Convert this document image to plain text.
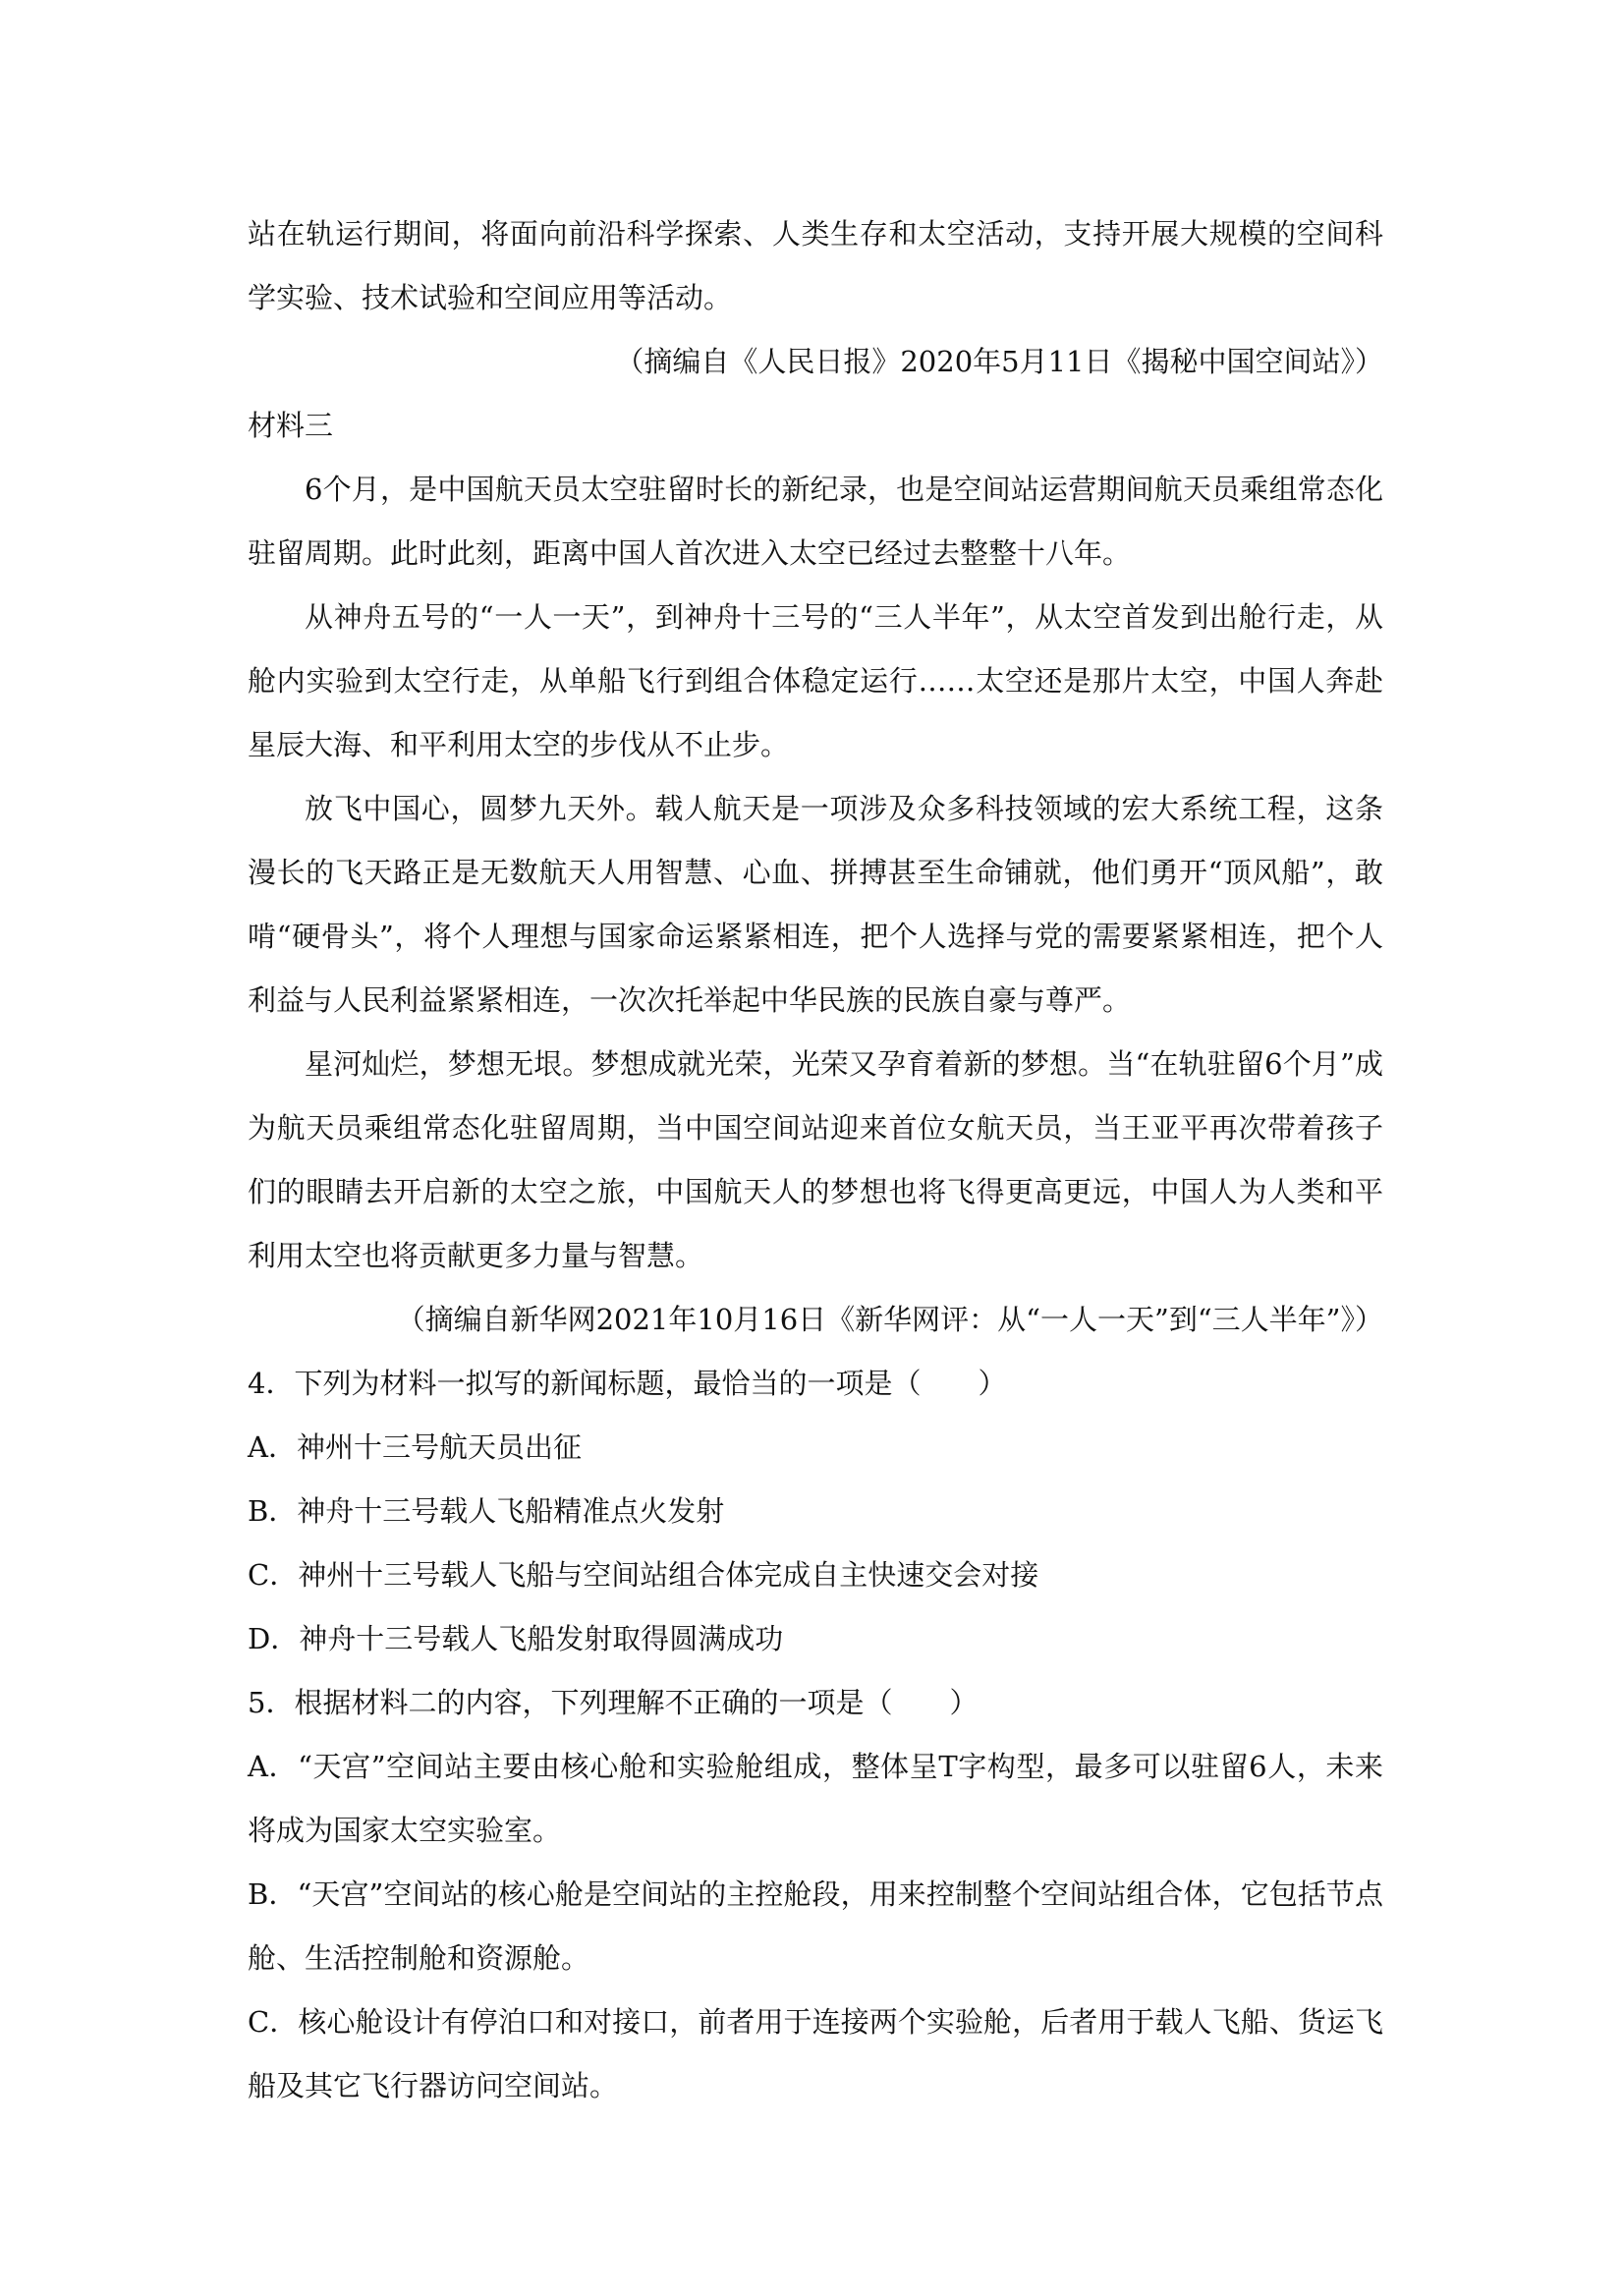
站在轨运行期间，将面向前沿科学探索、人类生存和太空活动，支持开展大规模的空间科学实验、技术试验和空间应用等活动。

（摘编自《人民日报》2020年5月11日《揭秘中国空间站》）

材料三

6个月，是中国航天员太空驻留时长的新纪录，也是空间站运营期间航天员乘组常态化驻留周期。此时此刻，距离中国人首次进入太空已经过去整整十八年。

从神舟五号的“一人一天”，到神舟十三号的“三人半年”，从太空首发到出舱行走，从舱内实验到太空行走，从单船飞行到组合体稳定运行……太空还是那片太空，中国人奔赴星辰大海、和平利用太空的步伐从不止步。

放飞中国心，圆梦九天外。载人航天是一项涉及众多科技领域的宏大系统工程，这条漫长的飞天路正是无数航天人用智慧、心血、拼搏甚至生命铺就，他们勇开“顶风船”，敢啃“硬骨头”，将个人理想与国家命运紧紧相连，把个人选择与党的需要紧紧相连，把个人利益与人民利益紧紧相连，一次次托举起中华民族的民族自豪与尊严。

星河灿烂，梦想无垠。梦想成就光荣，光荣又孕育着新的梦想。当“在轨驻留6个月”成为航天员乘组常态化驻留周期，当中国空间站迎来首位女航天员，当王亚平再次带着孩子们的眼睛去开启新的太空之旅，中国航天人的梦想也将飞得更高更远，中国人为人类和平利用太空也将贡献更多力量与智慧。

（摘编自新华网2021年10月16日《新华网评：从“一人一天”到“三人半年”》）

4．下列为材料一拟写的新闻标题，最恰当的一项是（　　）

A．神州十三号航天员出征

B．神舟十三号载人飞船精准点火发射

C．神州十三号载人飞船与空间站组合体完成自主快速交会对接

D．神舟十三号载人飞船发射取得圆满成功

5．根据材料二的内容，下列理解不正确的一项是（　　）

A．“天宫”空间站主要由核心舱和实验舱组成，整体呈T字构型，最多可以驻留6人，未来将成为国家太空实验室。

B．“天宫”空间站的核心舱是空间站的主控舱段，用来控制整个空间站组合体，它包括节点舱、生活控制舱和资源舱。

C．核心舱设计有停泊口和对接口，前者用于连接两个实验舱，后者用于载人飞船、货运飞船及其它飞行器访问空间站。
